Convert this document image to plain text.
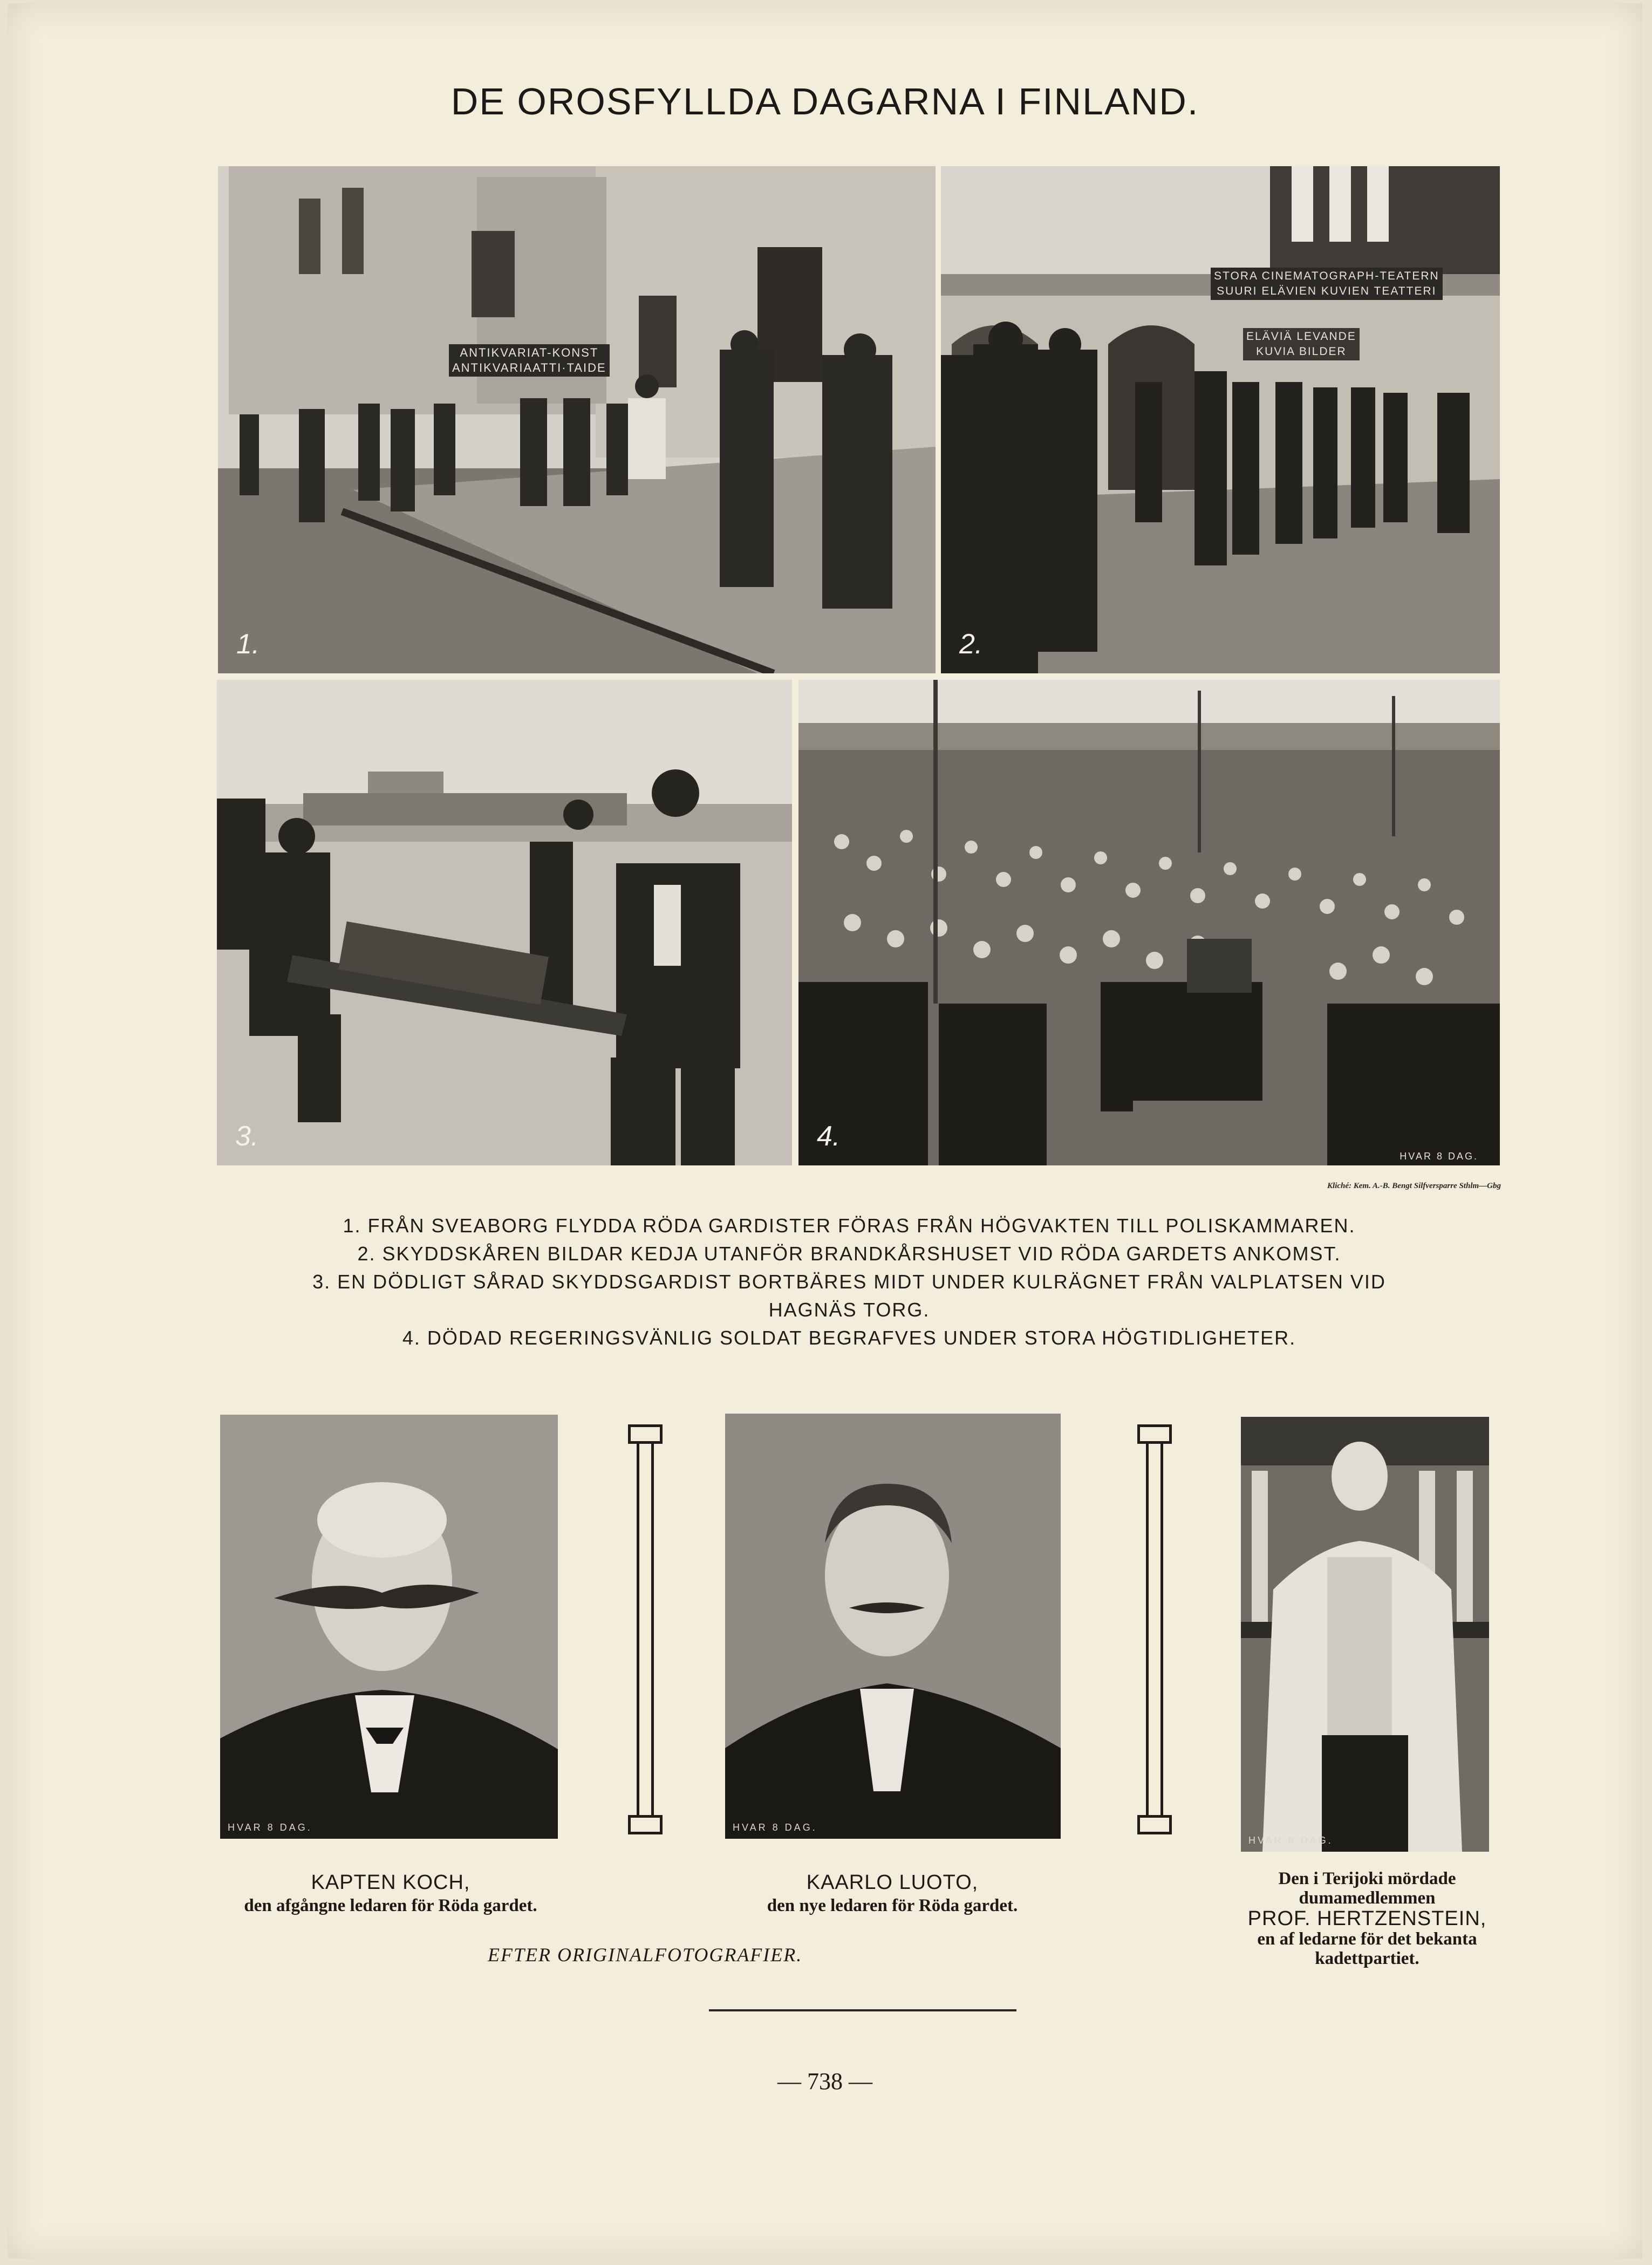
DE OROSFYLLDA DAGARNA I FINLAND.
ANTIKVARIAT-KONST
ANTIKVARIAATTI·TAIDE
1.
STORA CINEMATOGRAPH-TEATERN
SUURI ELÄVIEN KUVIEN TEATTERI
ELÄVIÄ LEVANDE
KUVIA BILDER
2.
3.	4.
HVAR 8 DAG.
Kliché: Kem. A.-B. Bengt Silfversparre Sthlm—Gbg

1. FRÅN SVEABORG FLYDDA RÖDA GARDISTER FÖRAS FRÅN HÖGVAKTEN TILL POLISKAMMAREN.

2. SKYDDSKÅREN BILDAR KEDJA UTANFÖR BRANDKÅRSHUSET VID RÖDA GARDETS ANKOMST.

3. EN DÖDLIGT SÅRAD SKYDDSGARDIST BORTBÄRES MIDT UNDER KULRÄGNET FRÅN VALPLATSEN VID HAGNÄS TORG.

4. DÖDAD REGERINGSVÄNLIG SOLDAT BEGRAFVES UNDER STORA HÖGTIDLIGHETER.

HVAR 8 DAG.	HVAR 8 DAG.
HVAR 8 DAG.
KAPTEN KOCH,
den afgångne ledaren för Röda gardet.
KAARLO LUOTO,
den nye ledaren för Röda gardet.
Den i Terijoki mördade
dumamedlemmen
PROF. HERTZENSTEIN,
en af ledarne för det bekanta
kadettpartiet.
EFTER ORIGINALFOTOGRAFIER.
— 738 —
